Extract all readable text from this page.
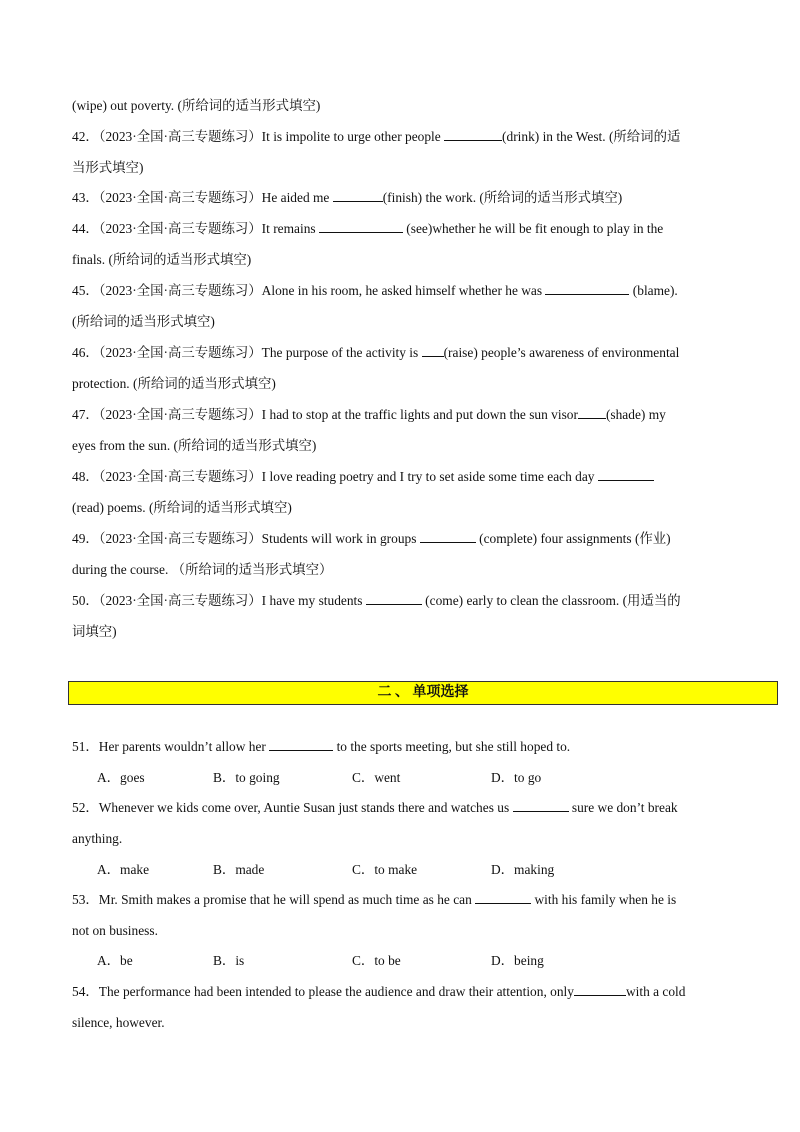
(wipe) out poverty. (所给词的适当形式填空)
42．（2023·全国·高三专题练习）It is impolite to urge other people	(drink) in the West. (所给词的适
当形式填空)
43．（2023·全国·高三专题练习）He aided me	(finish) the work. (所给词的适当形式填空)
44．（2023·全国·高三专题练习）It remains	(see)whether he will be fit enough to play in the
finals. (所给词的适当形式填空)
45．（2023·全国·高三专题练习）Alone in his room, he asked himself whether he was	(blame).
(所给词的适当形式填空)
46．（2023·全国·高三专题练习）The purpose of the activity is (raise) people’s awareness of environmental
protection. (所给词的适当形式填空)
47．（2023·全国·高三专题练习）I had to stop at the traffic lights and put down the sun visor (shade) my
eyes from the sun. (所给词的适当形式填空)
48．（2023·全国·高三专题练习）I love reading poetry and I try to set aside some time each day
(read) poems. (所给词的适当形式填空)
49．（2023·全国·高三专题练习）Students will work in groups	(complete) four assignments (作业)
during the course. （所给词的适当形式填空）
50．（2023·全国·高三专题练习）I have my students	(come) early to clean the classroom. (用适当的
词填空)
二 、 单项选择
51．Her parents wouldn’t allow her	to the sports meeting, but she still hoped to.
A．goes	B．to going	C．went	D．to go
52．Whenever we kids come over, Auntie Susan just stands there and watches us	sure we don’t break
anything.
A．make	B．made	C．to make	D．making
53．Mr. Smith makes a promise that he will spend as much time as he can	with his family when he is
not on business.
A．be	B．is	C．to be	D．being
54．The performance had been intended to please the audience and draw their attention, only	with a cold
silence, however.
